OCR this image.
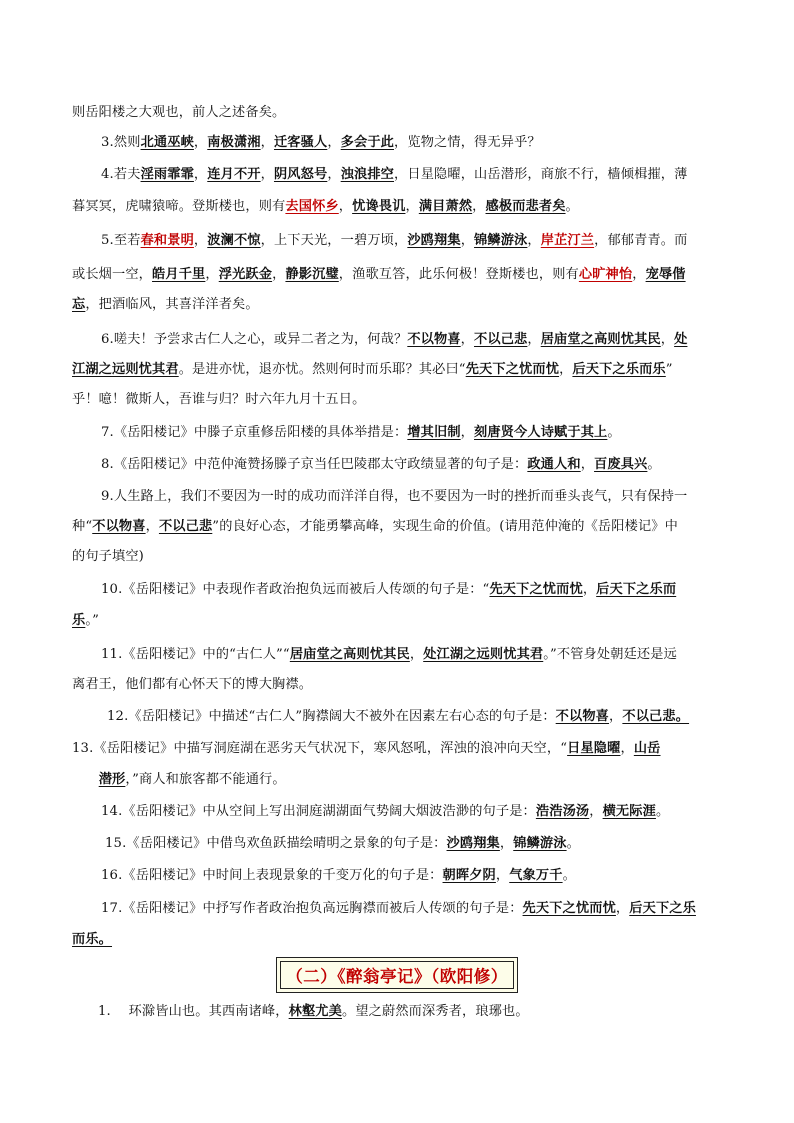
则岳阳楼之大观也，前人之述备矣。
3.然则北通巫峡，南极潇湘，迁客骚人，多会于此，览物之情，得无异乎？
4.若夫淫雨霏霏，连月不开，阴风怒号，浊浪排空，日星隐曜，山岳潜形，商旅不行，樯倾楫摧，薄
暮冥冥，虎啸猿啼。登斯楼也，则有去国怀乡，忧谗畏讥，满目萧然，感极而悲者矣。
5.至若春和景明，波澜不惊，上下天光，一碧万顷，沙鸥翔集，锦鳞游泳，岸芷汀兰，郁郁青青。而
或长烟一空，皓月千里，浮光跃金，静影沉璧，渔歌互答，此乐何极！登斯楼也，则有心旷神怡，宠辱偕
忘，把酒临风，其喜洋洋者矣。
6.嗟夫！予尝求古仁人之心，或异二者之为，何哉？不以物喜，不以己悲，居庙堂之高则忧其民，处
江湖之远则忧其君。是进亦忧，退亦忧。然则何时而乐耶？其必曰“先天下之忧而忧，后天下之乐而乐”
乎！噫！微斯人，吾谁与归？时六年九月十五日。
7.《岳阳楼记》中滕子京重修岳阳楼的具体举措是：增其旧制，刻唐贤今人诗赋于其上。
8.《岳阳楼记》中范仲淹赞扬滕子京当任巴陵郡太守政绩显著的句子是：政通人和，百废具兴。
9.人生路上，我们不要因为一时的成功而洋洋自得，也不要因为一时的挫折而垂头丧气，只有保持一
种“不以物喜，不以己悲”的良好心态，才能勇攀高峰，实现生命的价值。(请用范仲淹的《岳阳楼记》中
的句子填空)
10.《岳阳楼记》中表现作者政治抱负远而被后人传颂的句子是：“先天下之忧而忧，后天下之乐而
乐。”
11.《岳阳楼记》中的“古仁人”“居庙堂之高则忧其民，处江湖之远则忧其君。”不管身处朝廷还是远
离君王，他们都有心怀天下的博大胸襟。
12.《岳阳楼记》中描述“古仁人”胸襟阔大不被外在因素左右心态的句子是：不以物喜，不以己悲。
13.《岳阳楼记》中描写洞庭湖在恶劣天气状况下，寒风怒吼，浑浊的浪冲向天空，“日星隐曜，山岳
　　潜形，”商人和旅客都不能通行。
14.《岳阳楼记》中从空间上写出洞庭湖湖面气势阔大烟波浩渺的句子是：浩浩汤汤，横无际涯。
15.《岳阳楼记》中借鸟欢鱼跃描绘晴明之景象的句子是：沙鸥翔集，锦鳞游泳。
16.《岳阳楼记》中时间上表现景象的千变万化的句子是：朝晖夕阴，气象万千。
17.《岳阳楼记》中抒写作者政治抱负高远胸襟而被后人传颂的句子是：先天下之忧而忧，后天下之乐
而乐。
1.　 环滁皆山也。其西南诸峰，林壑尤美。望之蔚然而深秀者，琅琊也。
（二）《醉翁亭记》（欧阳修）
